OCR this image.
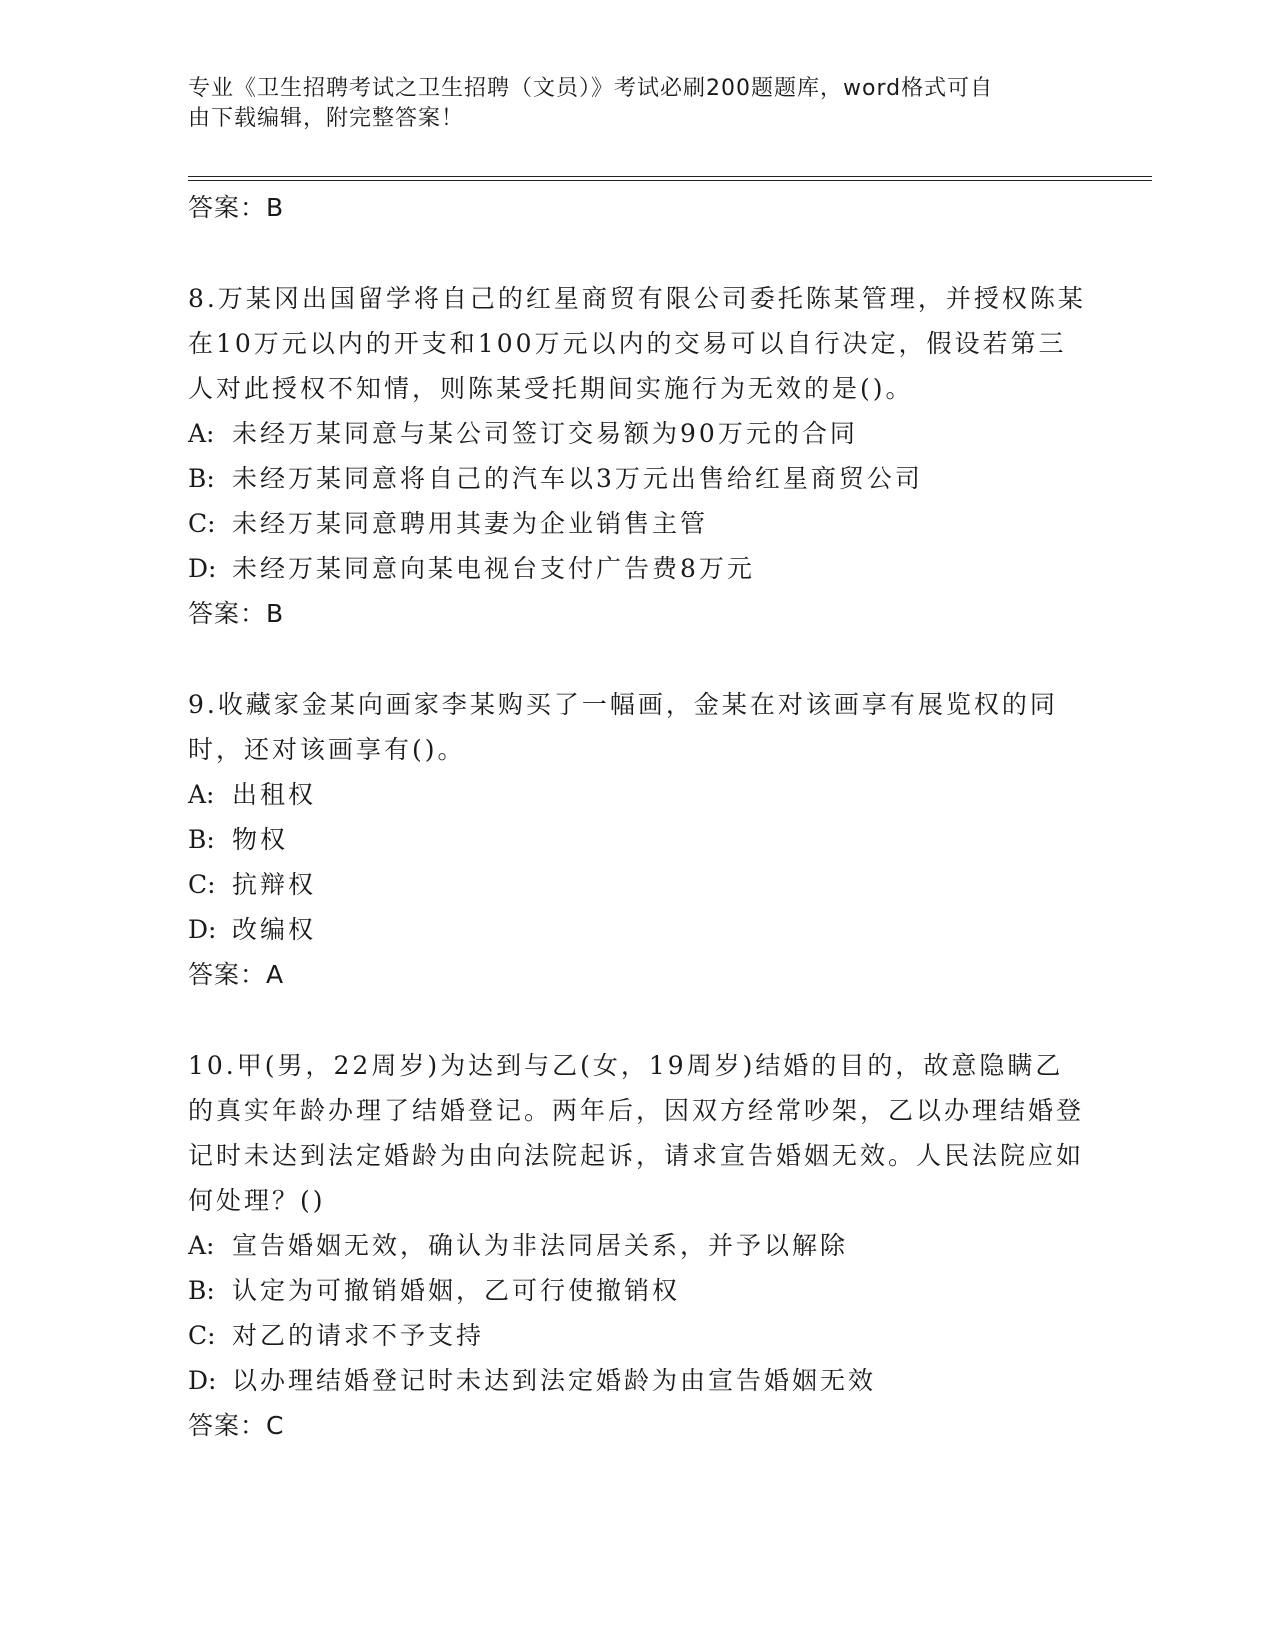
专业《卫生招聘考试之卫生招聘（文员）》考试必刷200题题库，word格式可自
由下载编辑，附完整答案！
答案：B

8.万某冈出国留学将自己的红星商贸有限公司委托陈某管理，并授权陈某在10万元以内的开支和100万元以内的交易可以自行决定，假设若第三人对此授权不知情，则陈某受托期间实施行为无效的是()。

A: 未经万某同意与某公司签订交易额为90万元的合同
B: 未经万某同意将自己的汽车以3万元出售给红星商贸公司
C: 未经万某同意聘用其妻为企业销售主管
D: 未经万某同意向某电视台支付广告费8万元
答案：B

9.收藏家金某向画家李某购买了一幅画，金某在对该画享有展览权的同时，还对该画享有()。

A: 出租权
B: 物权
C: 抗辩权
D: 改编权
答案：A

10.甲(男，22周岁)为达到与乙(女，19周岁)结婚的目的，故意隐瞒乙的真实年龄办理了结婚登记。两年后，因双方经常吵架，乙以办理结婚登记时未达到法定婚龄为由向法院起诉，请求宣告婚姻无效。人民法院应如何处理？()

A: 宣告婚姻无效，确认为非法同居关系，并予以解除
B: 认定为可撤销婚姻，乙可行使撤销权
C: 对乙的请求不予支持
D: 以办理结婚登记时未达到法定婚龄为由宣告婚姻无效
答案：C
